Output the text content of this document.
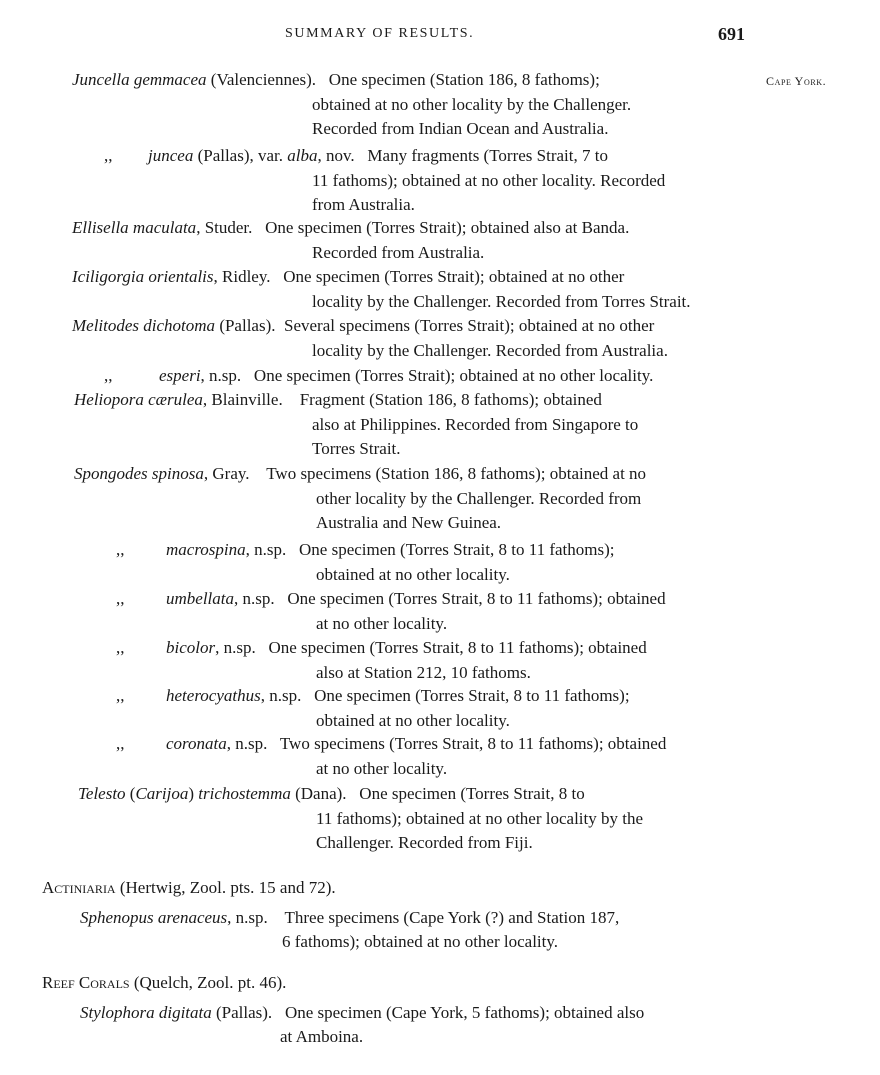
SUMMARY OF RESULTS.	691
Cape York.
Juncella gemmacea (Valenciennes). One specimen (Station 186, 8 fathoms);
obtained at no other locality by the Challenger.
Recorded from Indian Ocean and Australia.
,, juncea (Pallas), var. alba, nov. Many fragments (Torres Strait, 7 to
11 fathoms); obtained at no other locality. Recorded
from Australia.
Ellisella maculata, Studer. One specimen (Torres Strait); obtained also at Banda.
Recorded from Australia.
Iciligorgia orientalis, Ridley. One specimen (Torres Strait); obtained at no other
locality by the Challenger. Recorded from Torres Strait.
Melitodes dichotoma (Pallas). Several specimens (Torres Strait); obtained at no other
locality by the Challenger. Recorded from Australia.
,,	esperi, n.sp. One specimen (Torres Strait); obtained at no other locality.
Heliopora cærulea, Blainville. Fragment (Station 186, 8 fathoms); obtained
also at Philippines. Recorded from Singapore to
Torres Strait.
Spongodes spinosa, Gray. Two specimens (Station 186, 8 fathoms); obtained at no
other locality by the Challenger. Recorded from
Australia and New Guinea.
,, macrospina, n.sp. One specimen (Torres Strait, 8 to 11 fathoms);
obtained at no other locality.
,, umbellata, n.sp. One specimen (Torres Strait, 8 to 11 fathoms); obtained
at no other locality.
,, bicolor, n.sp. One specimen (Torres Strait, 8 to 11 fathoms); obtained
also at Station 212, 10 fathoms.
,, heterocyathus, n.sp. One specimen (Torres Strait, 8 to 11 fathoms);
obtained at no other locality.
,, coronata, n.sp. Two specimens (Torres Strait, 8 to 11 fathoms); obtained
at no other locality.
Telesto (Carijoa) trichostemma (Dana). One specimen (Torres Strait, 8 to
11 fathoms); obtained at no other locality by the
Challenger. Recorded from Fiji.
Actiniaria (Hertwig, Zool. pts. 15 and 72).
Sphenopus arenaceus, n.sp. Three specimens (Cape York (?) and Station 187,
6 fathoms); obtained at no other locality.
Reef Corals (Quelch, Zool. pt. 46).
Stylophora digitata (Pallas). One specimen (Cape York, 5 fathoms); obtained also
at Amboina.
